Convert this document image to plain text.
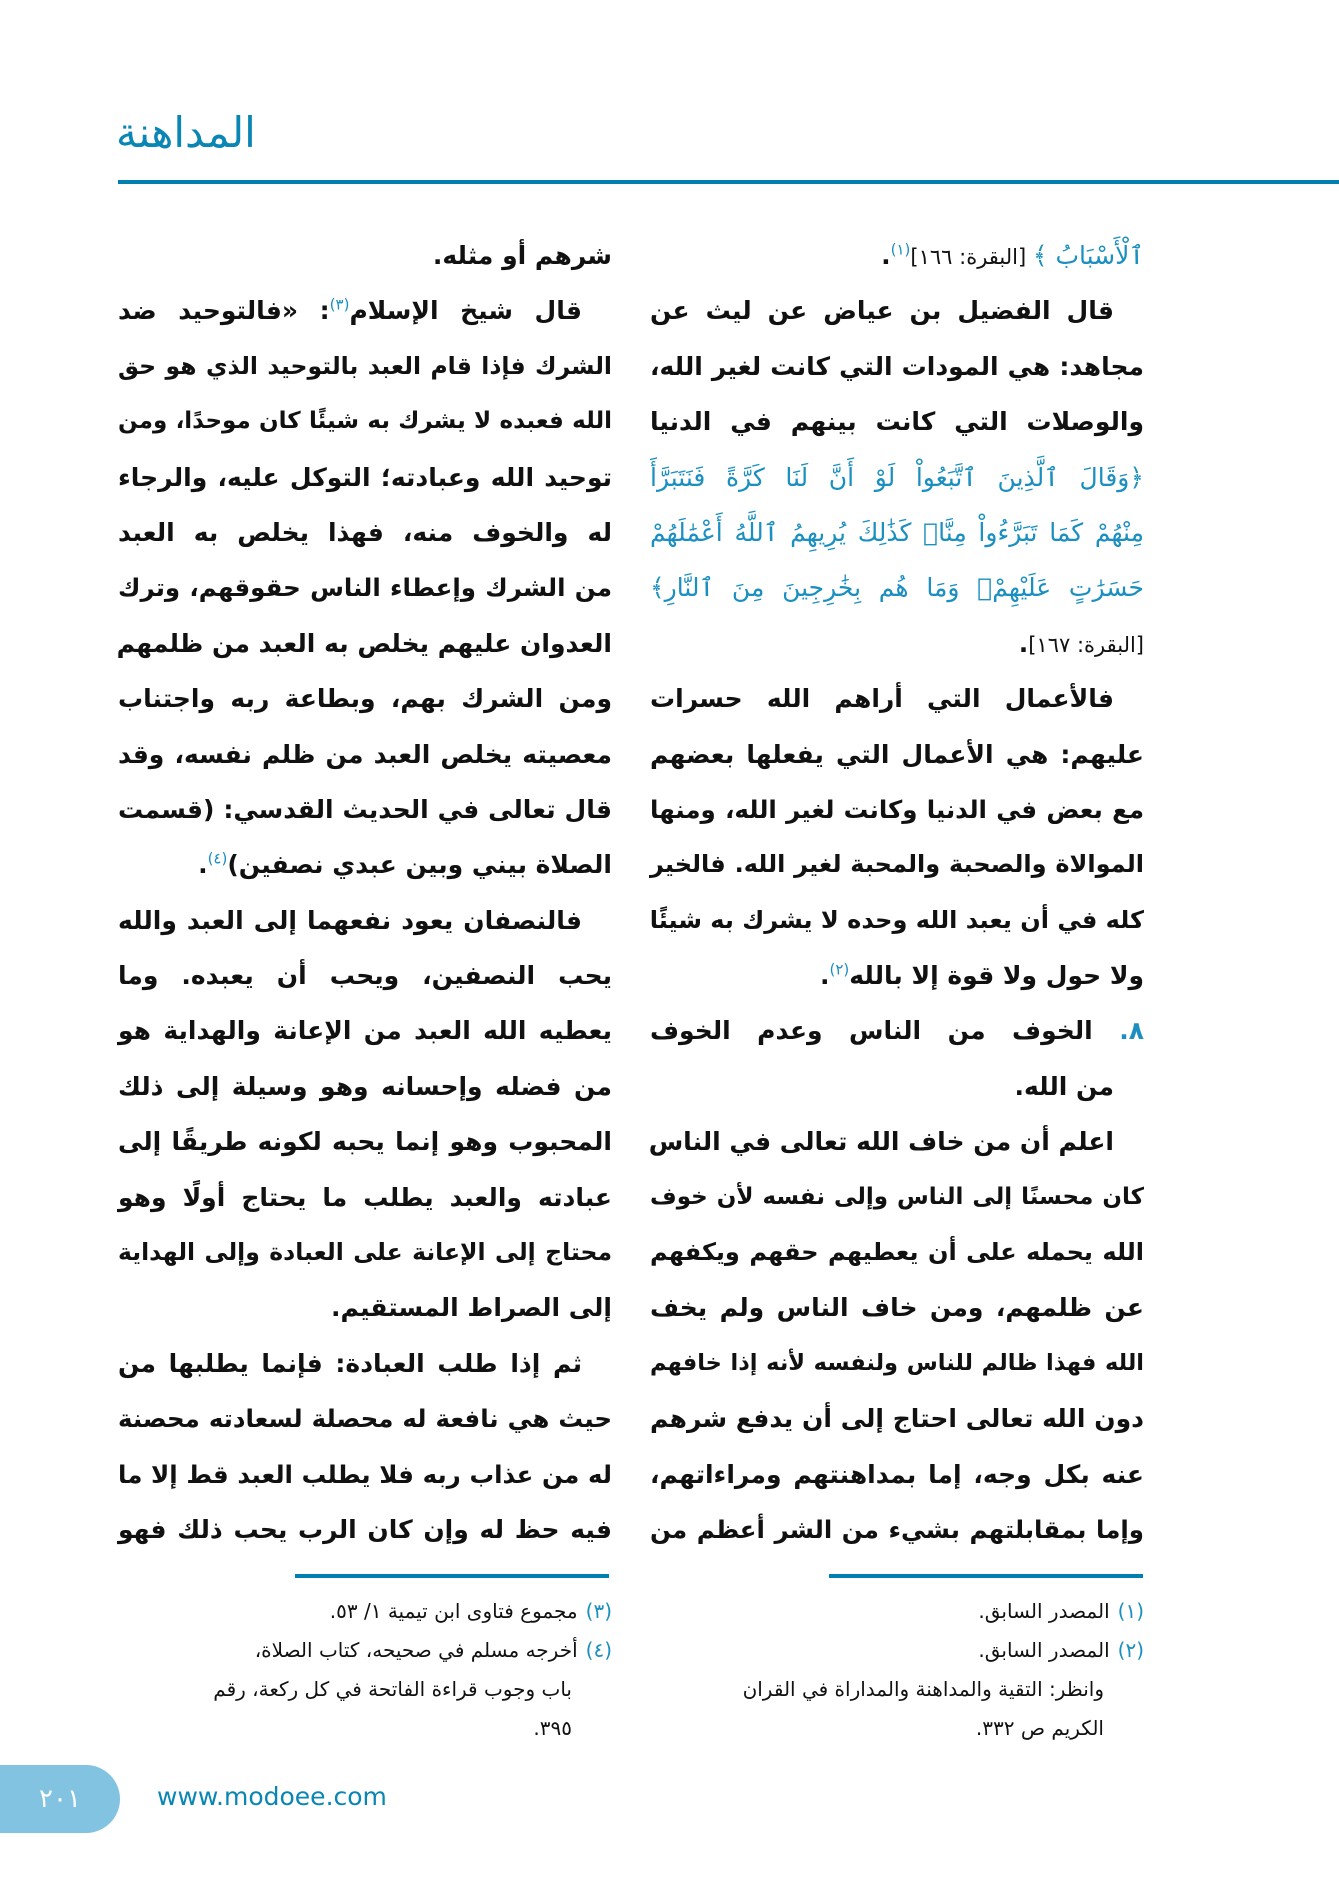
المداهنة
ٱلْأَسْبَابُ ﴾ [البقرة: ١٦٦]$^{(١)}$.
قال الفضيل بن عياض عن ليث عن
مجاهد: هي المودات التي كانت لغير الله،
والوصلات التي كانت بينهم في الدنيا
﴿وَقَالَ ٱلَّذِينَ ٱتَّبَعُواْ لَوْ أَنَّ لَنَا كَرَّةً فَنَتَبَرَّأَ
مِنْهُمْ كَمَا تَبَرَّءُواْ مِنَّاۗ كَذَٰلِكَ يُرِيهِمُ ٱللَّهُ أَعْمَٰلَهُمْ
حَسَرَٰتٍ عَلَيْهِمْۖ وَمَا هُم بِخَٰرِجِينَ مِنَ ٱلنَّارِ﴾
[البقرة: ١٦٧].
فالأعمال التي أراهم الله حسرات
عليهم: هي الأعمال التي يفعلها بعضهم
مع بعض في الدنيا وكانت لغير الله، ومنها
الموالاة والصحبة والمحبة لغير الله. فالخير
كله في أن يعبد الله وحده لا يشرك به شيئًا
ولا حول ولا قوة إلا بالله$^{(٢)}$.
٨. الخوف من الناس وعدم الخوف
من الله.
اعلم أن من خاف الله تعالى في الناس
كان محسنًا إلى الناس وإلى نفسه لأن خوف
الله يحمله على أن يعطيهم حقهم ويكفهم
عن ظلمهم، ومن خاف الناس ولم يخف
الله فهذا ظالم للناس ولنفسه لأنه إذا خافهم
دون الله تعالى احتاج إلى أن يدفع شرهم
عنه بكل وجه، إما بمداهنتهم ومراءاتهم،
وإما بمقابلتهم بشيء من الشر أعظم من
شرهم أو مثله.
قال شيخ الإسلام$^{(٣)}$: «فالتوحيد ضد
الشرك فإذا قام العبد بالتوحيد الذي هو حق
الله فعبده لا يشرك به شيئًا كان موحدًا، ومن
توحيد الله وعبادته؛ التوكل عليه، والرجاء
له والخوف منه، فهذا يخلص به العبد
من الشرك وإعطاء الناس حقوقهم، وترك
العدوان عليهم يخلص به العبد من ظلمهم
ومن الشرك بهم، وبطاعة ربه واجتناب
معصيته يخلص العبد من ظلم نفسه، وقد
قال تعالى في الحديث القدسي: (قسمت
الصلاة بيني وبين عبدي نصفين)$^{(٤)}$.
فالنصفان يعود نفعهما إلى العبد والله
يحب النصفين، ويحب أن يعبده. وما
يعطيه الله العبد من الإعانة والهداية هو
من فضله وإحسانه وهو وسيلة إلى ذلك
المحبوب وهو إنما يحبه لكونه طريقًا إلى
عبادته والعبد يطلب ما يحتاج أولًا وهو
محتاج إلى الإعانة على العبادة وإلى الهداية
إلى الصراط المستقيم.
ثم إذا طلب العبادة: فإنما يطلبها من
حيث هي نافعة له محصلة لسعادته محصنة
له من عذاب ربه فلا يطلب العبد قط إلا ما
فيه حظ له وإن كان الرب يحب ذلك فهو
(١)المصدر السابق.
(٢)المصدر السابق.
وانظر: التقية والمداهنة والمداراة في القران
الكريم ص ٣٣٢.
(٣)مجموع فتاوى ابن تيمية ١/ ٥٣.
(٤)أخرجه مسلم في صحيحه، كتاب الصلاة،
باب وجوب قراءة الفاتحة في كل ركعة، رقم
٣٩٥.
٢٠١	www.modoee.com
